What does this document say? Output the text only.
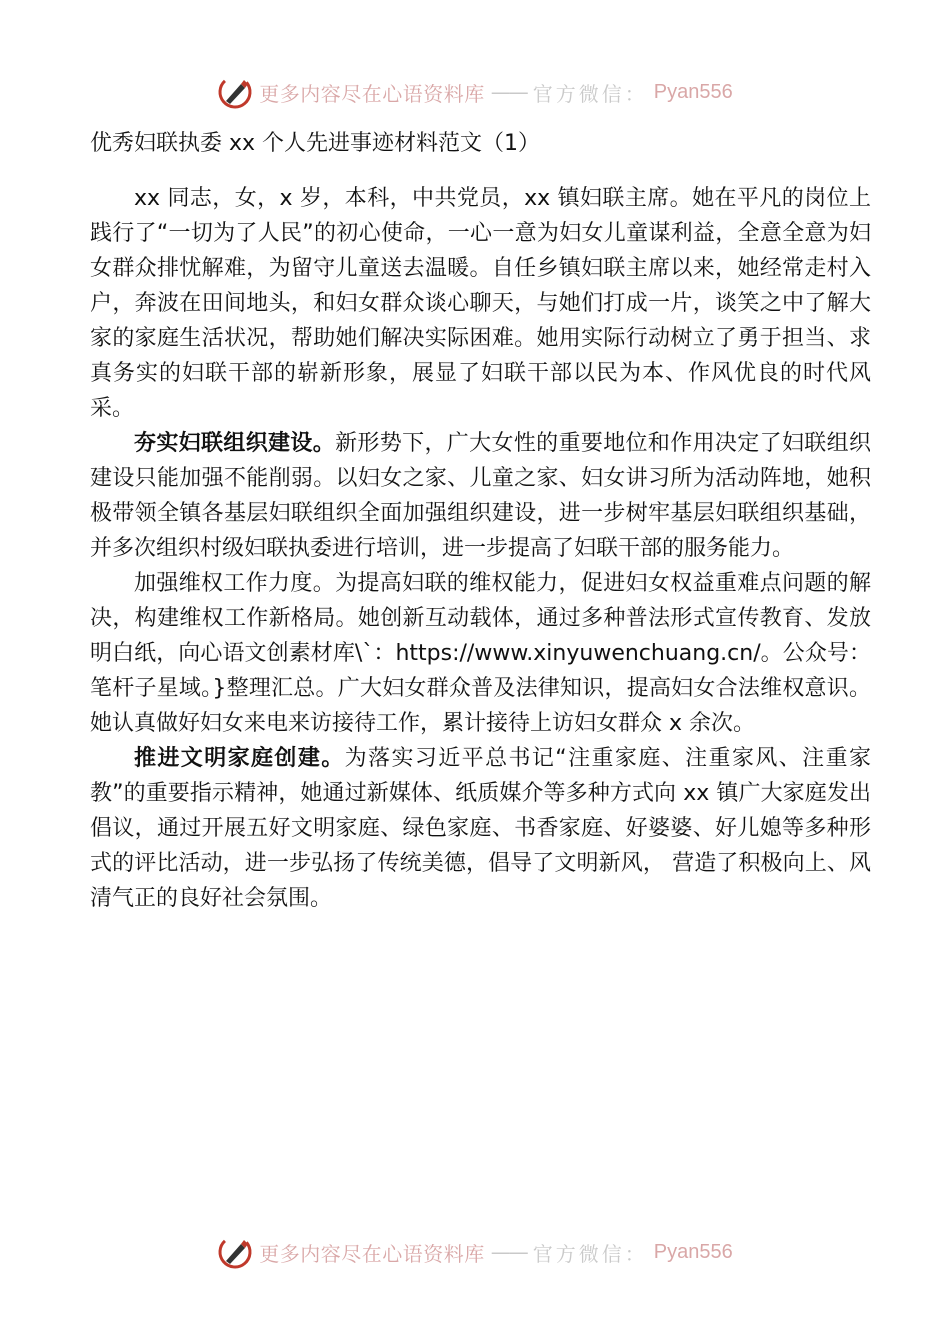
更多内容尽在心语资料库 —— 官方微信： Pyan556
优秀妇联执委 xx 个人先进事迹材料范文（1）

xx 同志，女，x 岁，本科，中共党员，xx 镇妇联主席。她在平凡的岗位上践行了“一切为了人民”的初心使命，一心一意为妇女儿童谋利益，全意全意为妇女群众排忧解难，为留守儿童送去温暖。自任乡镇妇联主席以来，她经常走村入户，奔波在田间地头，和妇女群众谈心聊天，与她们打成一片，谈笑之中了解大家的家庭生活状况，帮助她们解决实际困难。她用实际行动树立了勇于担当、求真务实的妇联干部的崭新形象，展显了妇联干部以民为本、作风优良的时代风采。

夯实妇联组织建设。新形势下，广大女性的重要地位和作用决定了妇联组织建设只能加强不能削弱。以妇女之家、儿童之家、妇女讲习所为活动阵地，她积极带领全镇各基层妇联组织全面加强组织建设，进一步树牢基层妇联组织基础，并多次组织村级妇联执委进行培训，进一步提高了妇联干部的服务能力。

加强维权工作力度。为提高妇联的维权能力，促进妇女权益重难点问题的解决，构建维权工作新格局。她创新互动载体，通过多种普法形式宣传教育、发放明白纸，向心语文创素材库\`：https://www.xinyuwenchuang.cn/。公众号：笔杆子星域。}整理汇总。广大妇女群众普及法律知识，提高妇女合法维权意识。她认真做好妇女来电来访接待工作，累计接待上访妇女群众 x 余次。

推进文明家庭创建。为落实习近平总书记“注重家庭、注重家风、注重家教”的重要指示精神，她通过新媒体、纸质媒介等多种方式向 xx 镇广大家庭发出倡议，通过开展五好文明家庭、绿色家庭、书香家庭、好婆婆、好儿媳等多种形式的评比活动，进一步弘扬了传统美德，倡导了文明新风， 营造了积极向上、风清气正的良好社会氛围。

更多内容尽在心语资料库 —— 官方微信： Pyan556
